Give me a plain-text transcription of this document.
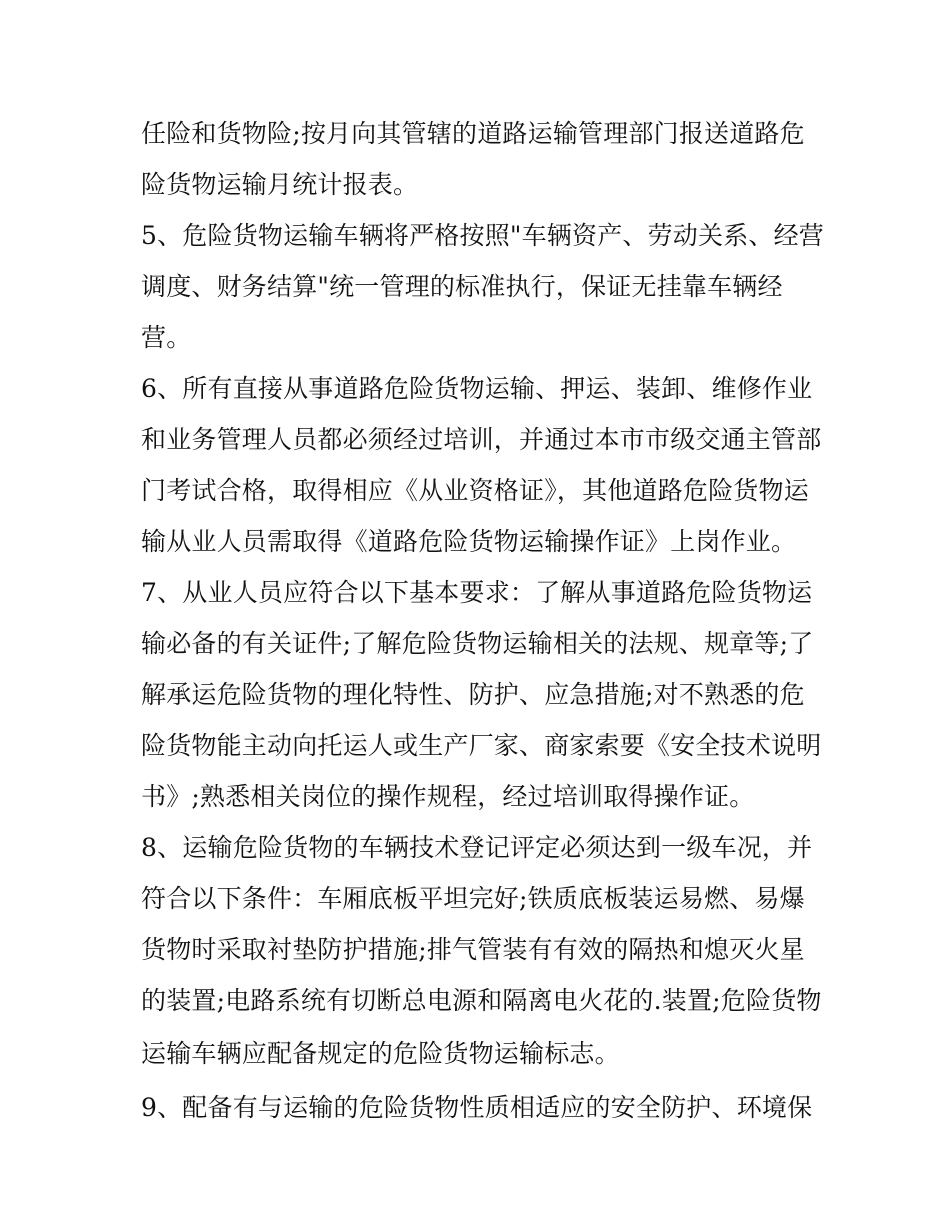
任险和货物险;按月向其管辖的道路运输管理部门报送道路危
险货物运输月统计报表。
5、危险货物运输车辆将严格按照"车辆资产、劳动关系、经营
调度、财务结算"统一管理的标准执行，保证无挂靠车辆经
营。
6、所有直接从事道路危险货物运输、押运、装卸、维修作业
和业务管理人员都必须经过培训，并通过本市市级交通主管部
门考试合格，取得相应《从业资格证》，其他道路危险货物运
输从业人员需取得《道路危险货物运输操作证》上岗作业。
7、从业人员应符合以下基本要求：了解从事道路危险货物运
输必备的有关证件;了解危险货物运输相关的法规、规章等;了
解承运危险货物的理化特性、防护、应急措施;对不熟悉的危
险货物能主动向托运人或生产厂家、商家索要《安全技术说明
书》;熟悉相关岗位的操作规程，经过培训取得操作证。
8、运输危险货物的车辆技术登记评定必须达到一级车况，并
符合以下条件：车厢底板平坦完好;铁质底板装运易燃、易爆
货物时采取衬垫防护措施;排气管装有有效的隔热和熄灭火星
的装置;电路系统有切断总电源和隔离电火花的.装置;危险货物
运输车辆应配备规定的危险货物运输标志。
9、配备有与运输的危险货物性质相适应的安全防护、环境保
